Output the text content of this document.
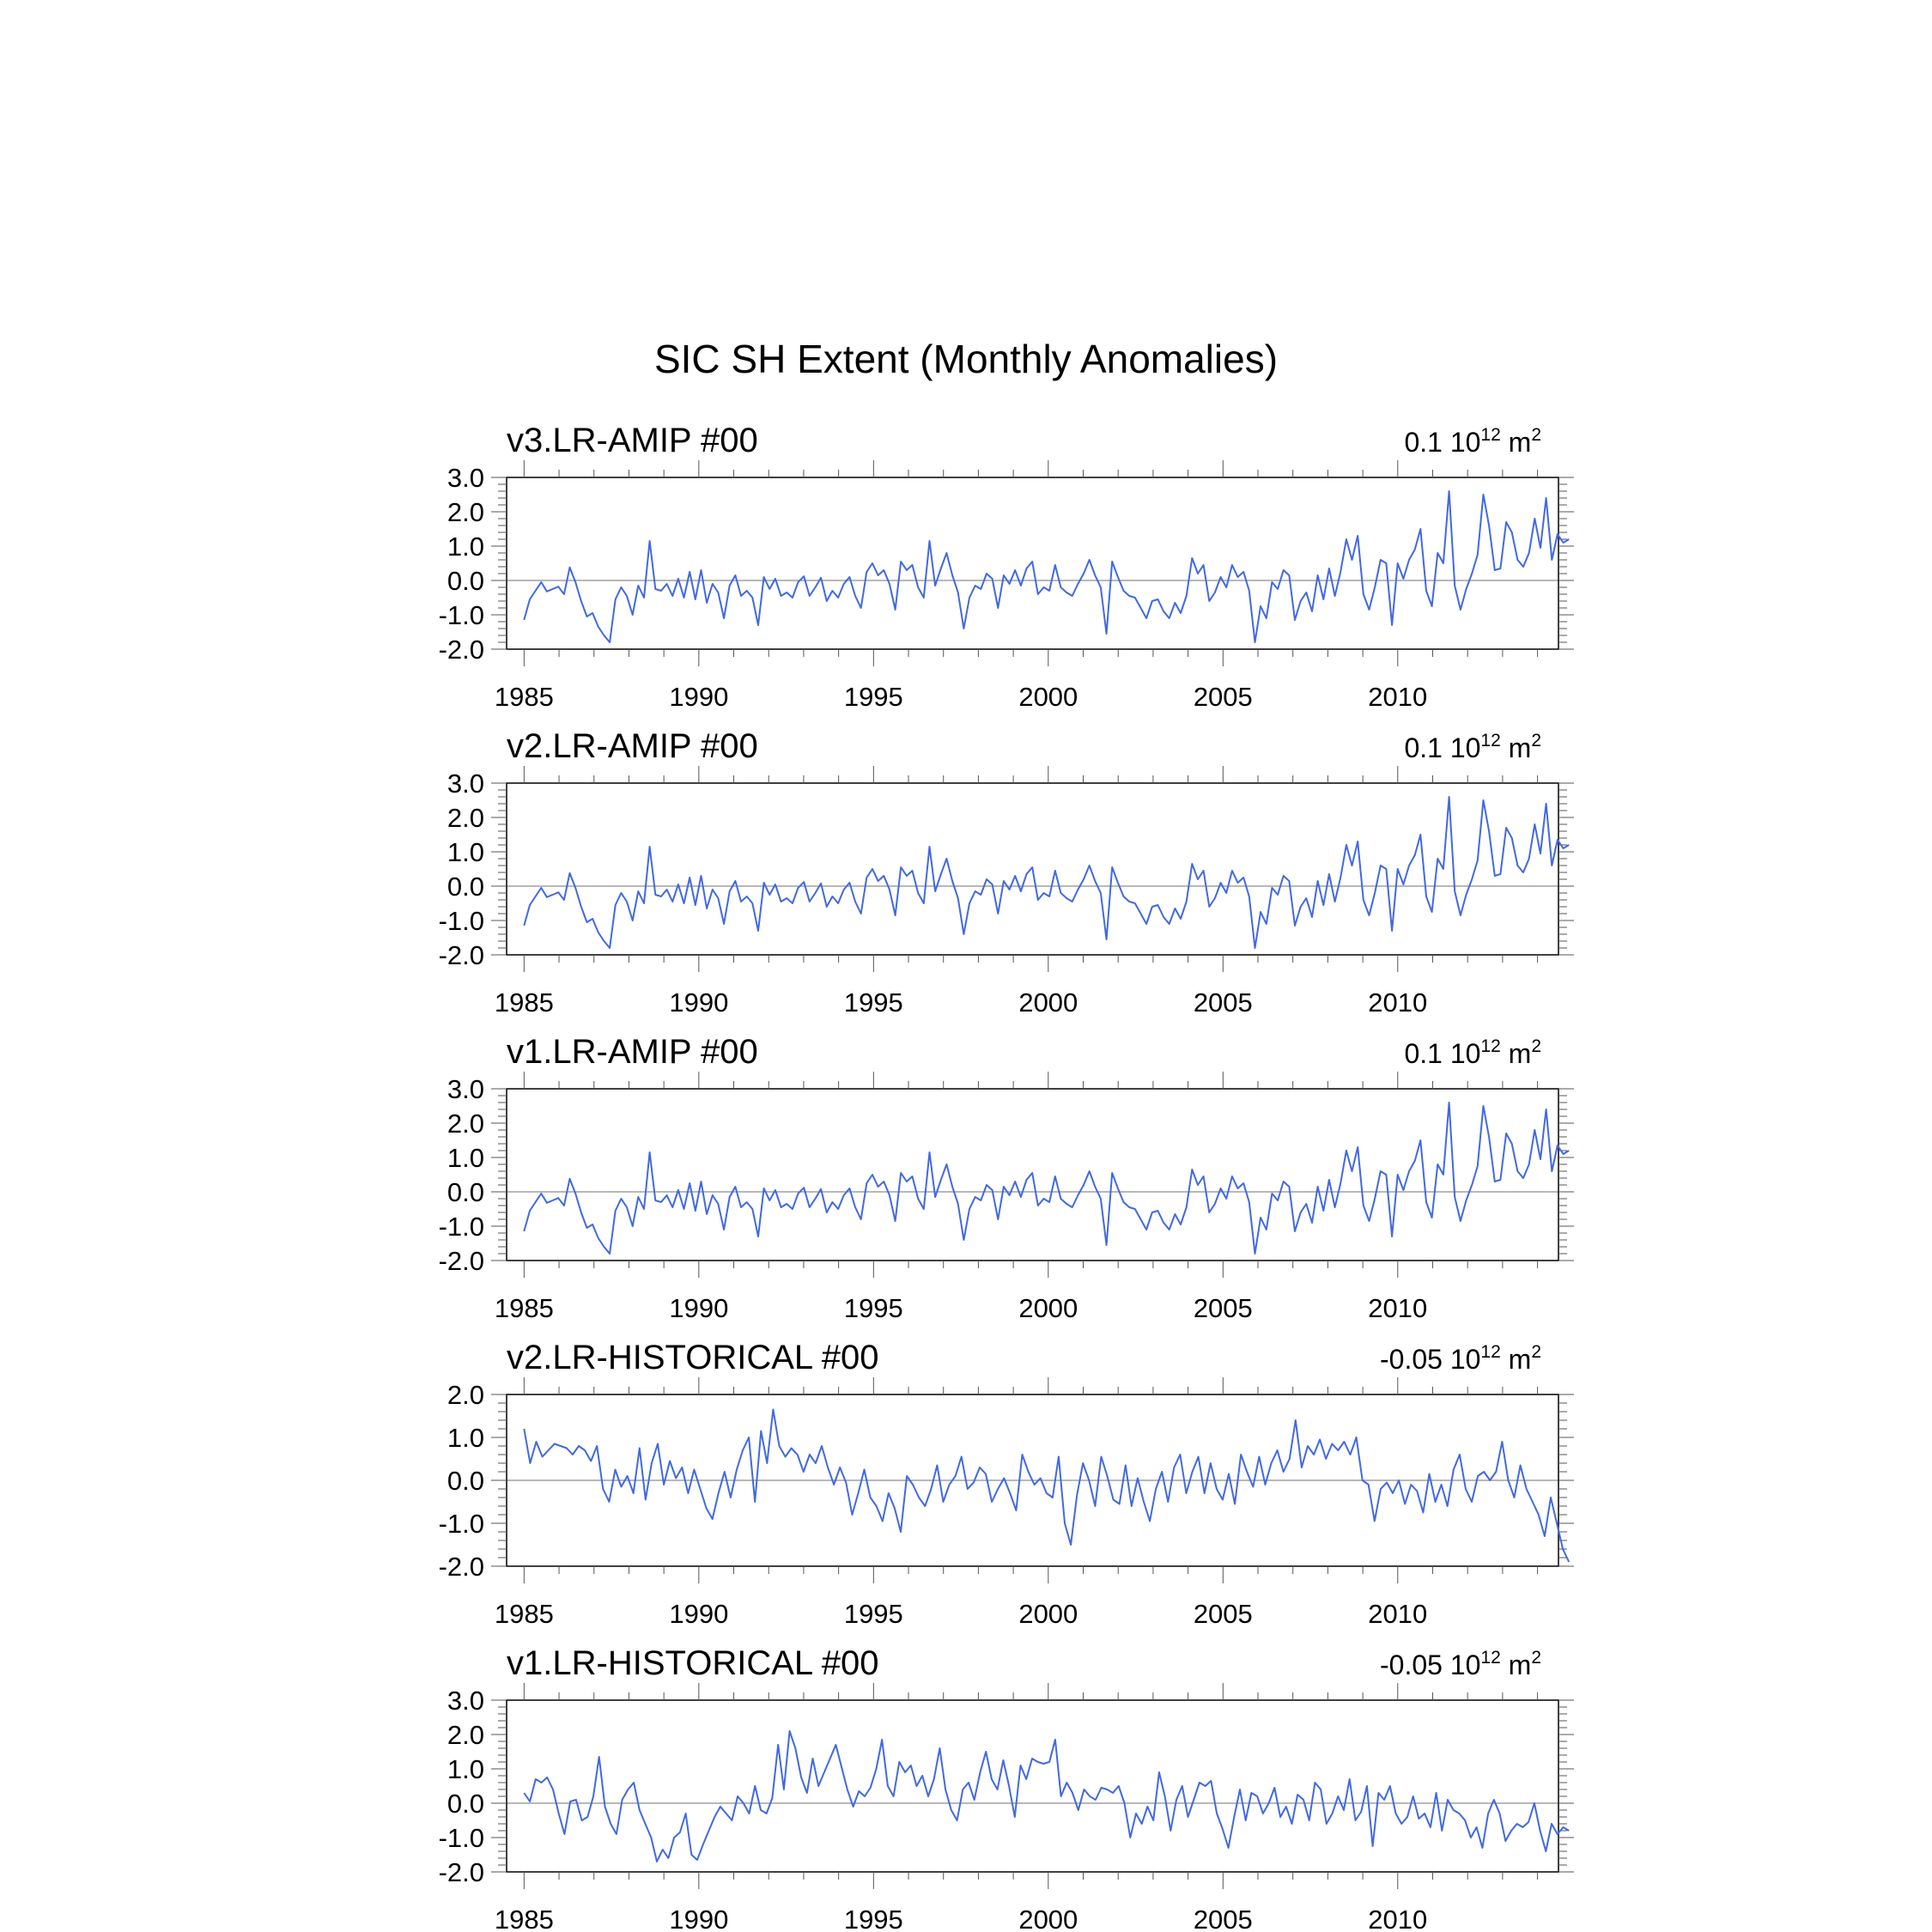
SIC SH Extent (Monthly Anomalies)
v3.LR-AMIP #00	0.1 $10^{12}$ $m^2$
-2.0
-1.0
0.0
1.0
2.0
3.0
1985	1990	1995	2000	2005	2010
v2.LR-AMIP #00	0.1 $10^{12}$ $m^2$
-2.0
-1.0
0.0
1.0
2.0
3.0
1985	1990	1995	2000	2005	2010
v1.LR-AMIP #00	0.1 $10^{12}$ $m^2$
-2.0
-1.0
0.0
1.0
2.0
3.0
1985	1990	1995	2000	2005	2010
v2.LR-HISTORICAL #00	-0.05 $10^{12}$ $m^2$
-2.0
-1.0
0.0
1.0
2.0
1985	1990	1995	2000	2005	2010
v1.LR-HISTORICAL #00	-0.05 $10^{12}$ $m^2$
-2.0
-1.0
0.0
1.0
2.0
3.0
1985	1990	1995	2000	2005	2010
